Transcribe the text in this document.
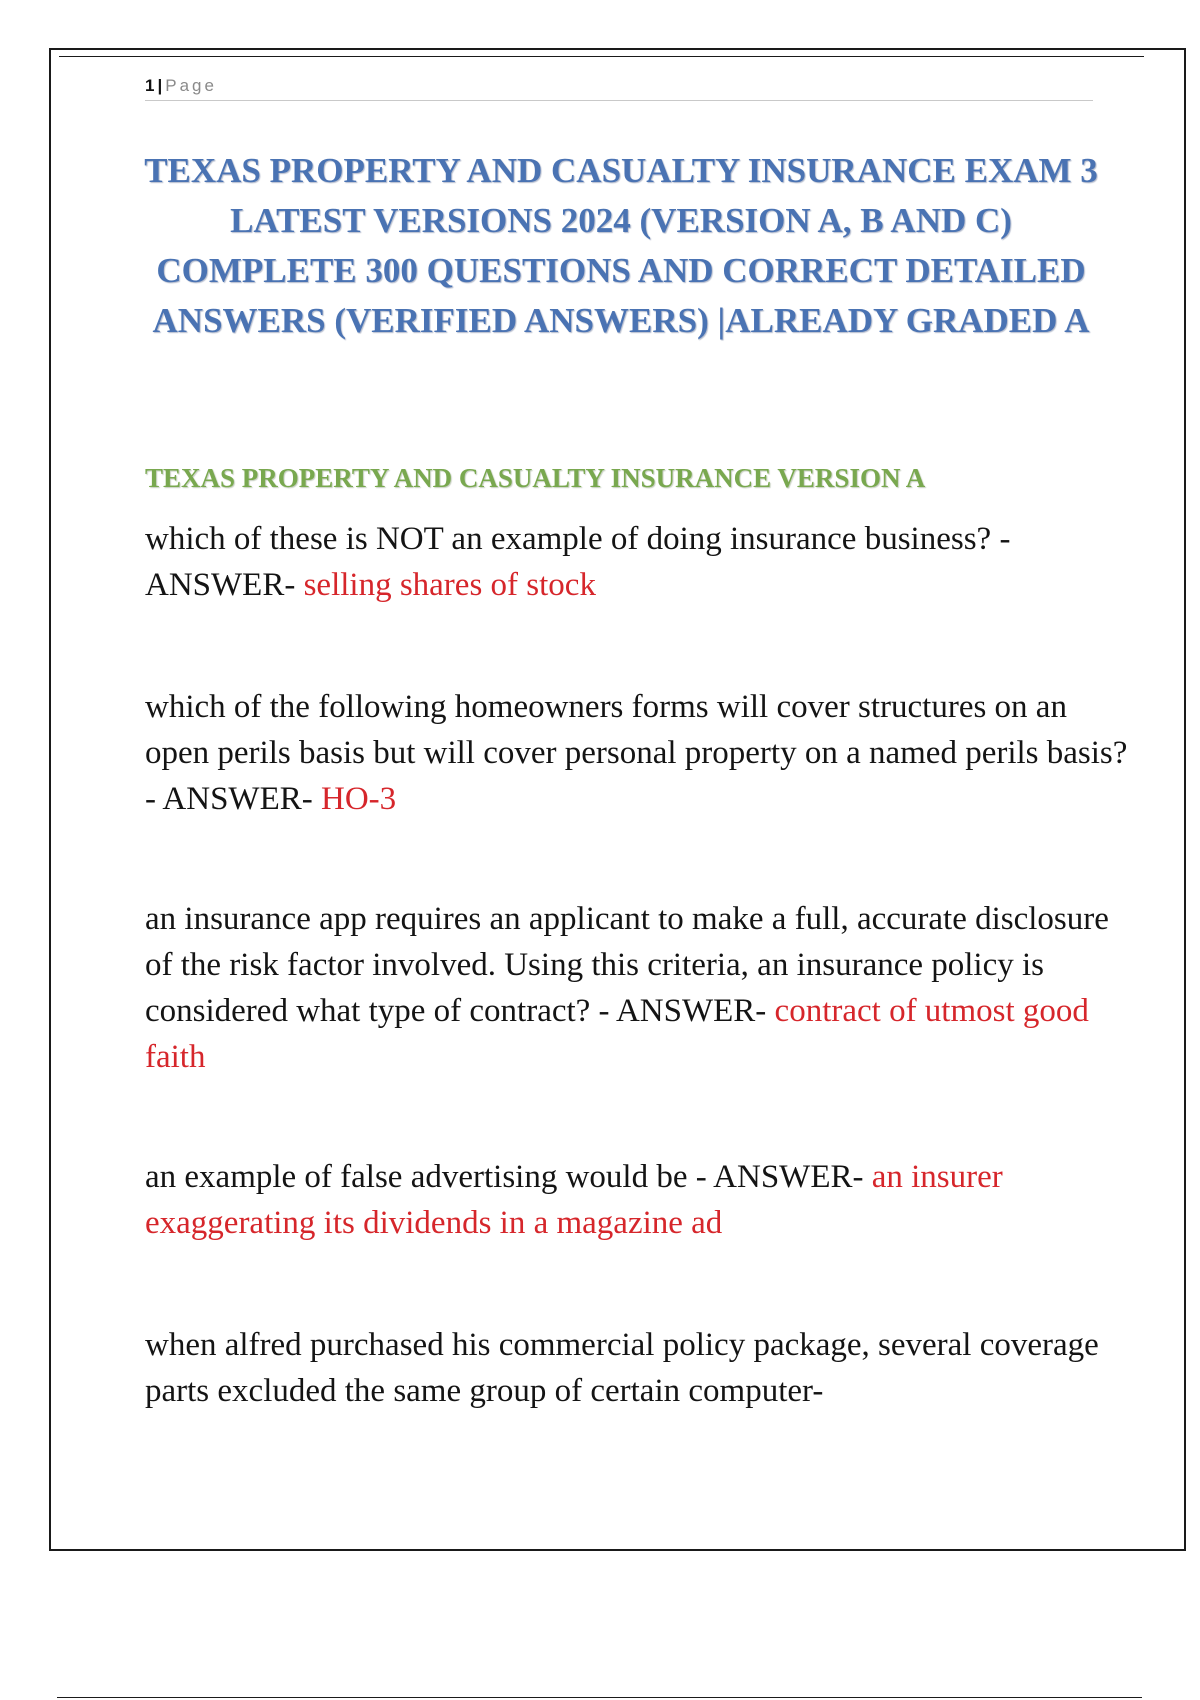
1 | Page
TEXAS PROPERTY AND CASUALTY INSURANCE EXAM 3 LATEST VERSIONS 2024 (VERSION A, B AND C) COMPLETE 300 QUESTIONS AND CORRECT DETAILED ANSWERS (VERIFIED ANSWERS) |ALREADY GRADED A
TEXAS PROPERTY AND CASUALTY INSURANCE VERSION A
which of these is NOT an example of doing insurance business? - ANSWER- selling shares of stock
which of the following homeowners forms will cover structures on an open perils basis but will cover personal property on a named perils basis? - ANSWER- HO-3
an insurance app requires an applicant to make a full, accurate disclosure of the risk factor involved. Using this criteria, an insurance policy is considered what type of contract? - ANSWER- contract of utmost good faith
an example of false advertising would be - ANSWER- an insurer exaggerating its dividends in a magazine ad
when alfred purchased his commercial policy package, several coverage parts excluded the same group of certain computer-
